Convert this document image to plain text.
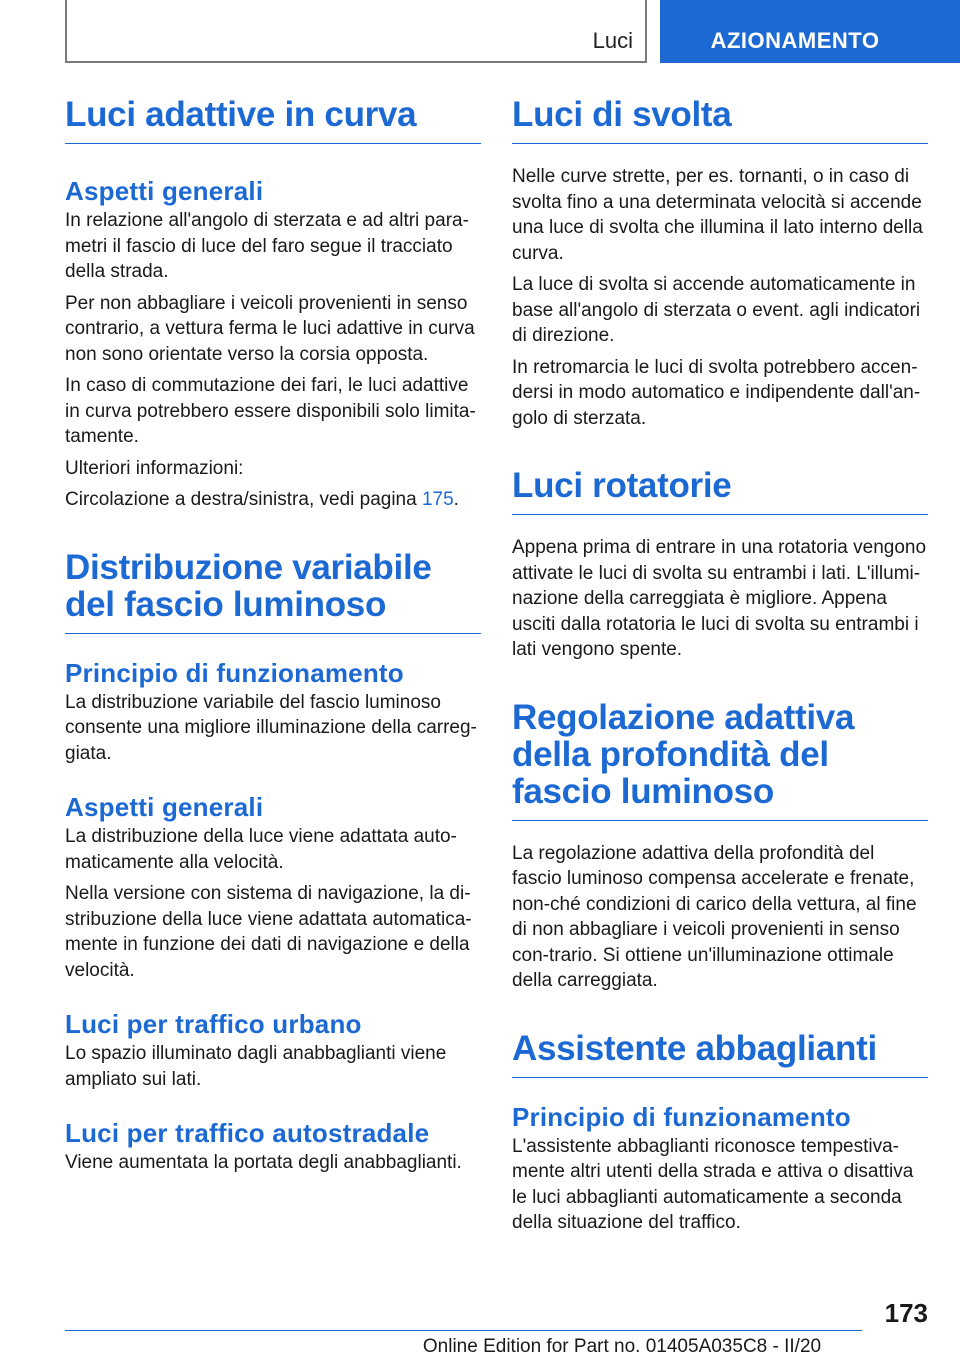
Luci	AZIONAMENTO
Luci adattive in curva
Aspetti generali

In relazione all'angolo di sterzata e ad altri para‐metri il fascio di luce del faro segue il tracciato della strada.

Per non abbagliare i veicoli provenienti in senso contrario, a vettura ferma le luci adattive in curva non sono orientate verso la corsia opposta.

In caso di commutazione dei fari, le luci adattive in curva potrebbero essere disponibili solo limita‐tamente.

Ulteriori informazioni:

Circolazione a destra/sinistra, vedi pagina 175.

Distribuzione variabile del fascio luminoso
Principio di funzionamento

La distribuzione variabile del fascio luminoso consente una migliore illuminazione della carreg‐giata.

Aspetti generali

La distribuzione della luce viene adattata auto‐maticamente alla velocità.

Nella versione con sistema di navigazione, la di‐stribuzione della luce viene adattata automatica‐mente in funzione dei dati di navigazione e della velocità.

Luci per traffico urbano

Lo spazio illuminato dagli anabbaglianti viene ampliato sui lati.

Luci per traffico autostradale

Viene aumentata la portata degli anabbaglianti.

Luci di svolta

Nelle curve strette, per es. tornanti, o in caso di svolta fino a una determinata velocità si accende una luce di svolta che illumina il lato interno della curva.

La luce di svolta si accende automaticamente in base all'angolo di sterzata o event. agli indicatori di direzione.

In retromarcia le luci di svolta potrebbero accen‐dersi in modo automatico e indipendente dall'an‐golo di sterzata.

Luci rotatorie

Appena prima di entrare in una rotatoria vengono attivate le luci di svolta su entrambi i lati. L'illumi‐nazione della carreggiata è migliore. Appena usciti dalla rotatoria le luci di svolta su entrambi i lati vengono spente.

Regolazione adattiva della profondità del fascio luminoso

La regolazione adattiva della profondità del fascio luminoso compensa accelerate e frenate, non‐ché condizioni di carico della vettura, al fine di non abbagliare i veicoli provenienti in senso con‐trario. Si ottiene un'illuminazione ottimale della carreggiata.

Assistente abbaglianti
Principio di funzionamento

L'assistente abbaglianti riconosce tempestiva‐mente altri utenti della strada e attiva o disattiva le luci abbaglianti automaticamente a seconda della situazione del traffico.

173
Online Edition for Part no. 01405A035C8 - II/20
